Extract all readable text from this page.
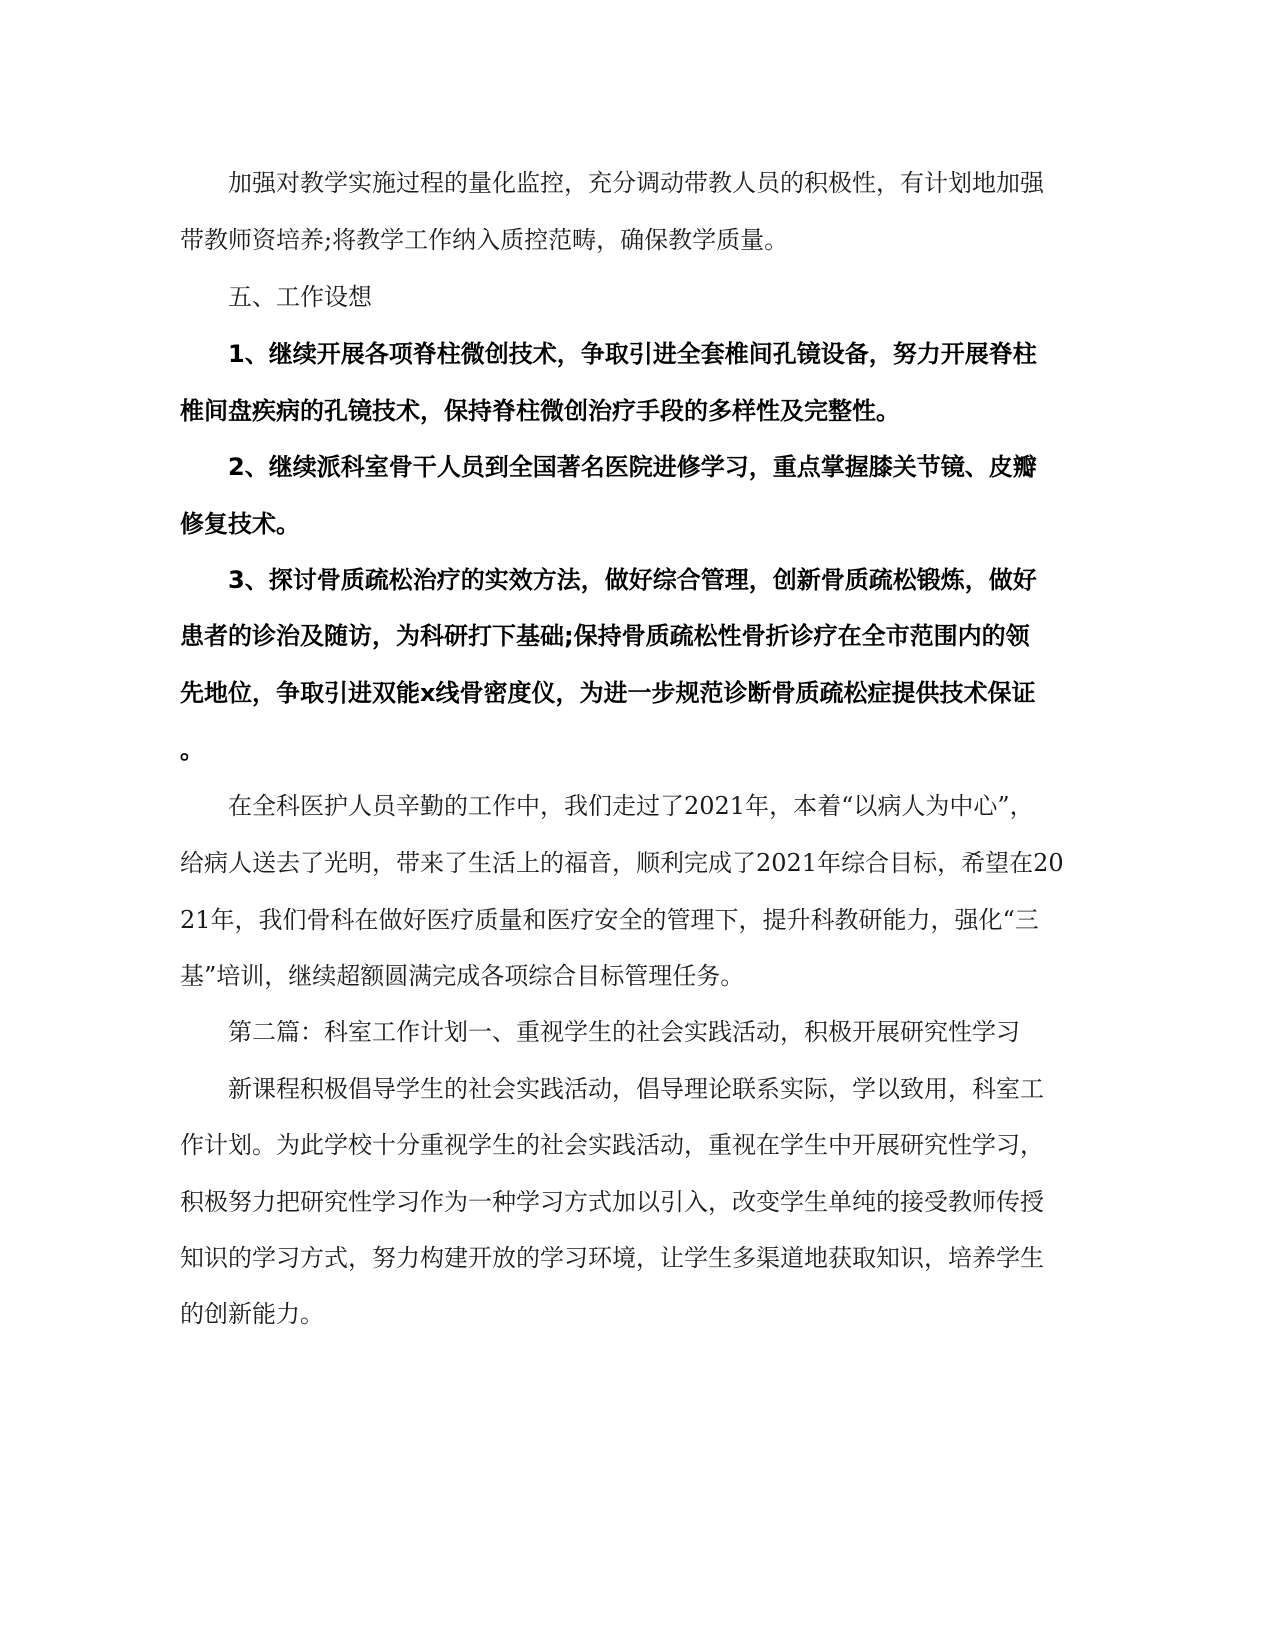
加强对教学实施过程的量化监控，充分调动带教人员的积极性，有计划地加强
带教师资培养;将教学工作纳入质控范畴，确保教学质量。
五、工作设想
1、继续开展各项脊柱微创技术，争取引进全套椎间孔镜设备，努力开展脊柱
椎间盘疾病的孔镜技术，保持脊柱微创治疗手段的多样性及完整性。
2、继续派科室骨干人员到全国著名医院进修学习，重点掌握膝关节镜、皮瓣
修复技术。
3、探讨骨质疏松治疗的实效方法，做好综合管理，创新骨质疏松锻炼，做好
患者的诊治及随访，为科研打下基础;保持骨质疏松性骨折诊疗在全市范围内的领
先地位，争取引进双能x线骨密度仪，为进一步规范诊断骨质疏松症提供技术保证
。
在全科医护人员辛勤的工作中，我们走过了2021年，本着“以病人为中心”，
给病人送去了光明，带来了生活上的福音，顺利完成了2021年综合目标，希望在20
21年，我们骨科在做好医疗质量和医疗安全的管理下，提升科教研能力，强化“三
基”培训，继续超额圆满完成各项综合目标管理任务。
第二篇：科室工作计划一、重视学生的社会实践活动，积极开展研究性学习
新课程积极倡导学生的社会实践活动，倡导理论联系实际，学以致用，科室工
作计划。为此学校十分重视学生的社会实践活动，重视在学生中开展研究性学习，
积极努力把研究性学习作为一种学习方式加以引入，改变学生单纯的接受教师传授
知识的学习方式，努力构建开放的学习环境，让学生多渠道地获取知识，培养学生
的创新能力。
